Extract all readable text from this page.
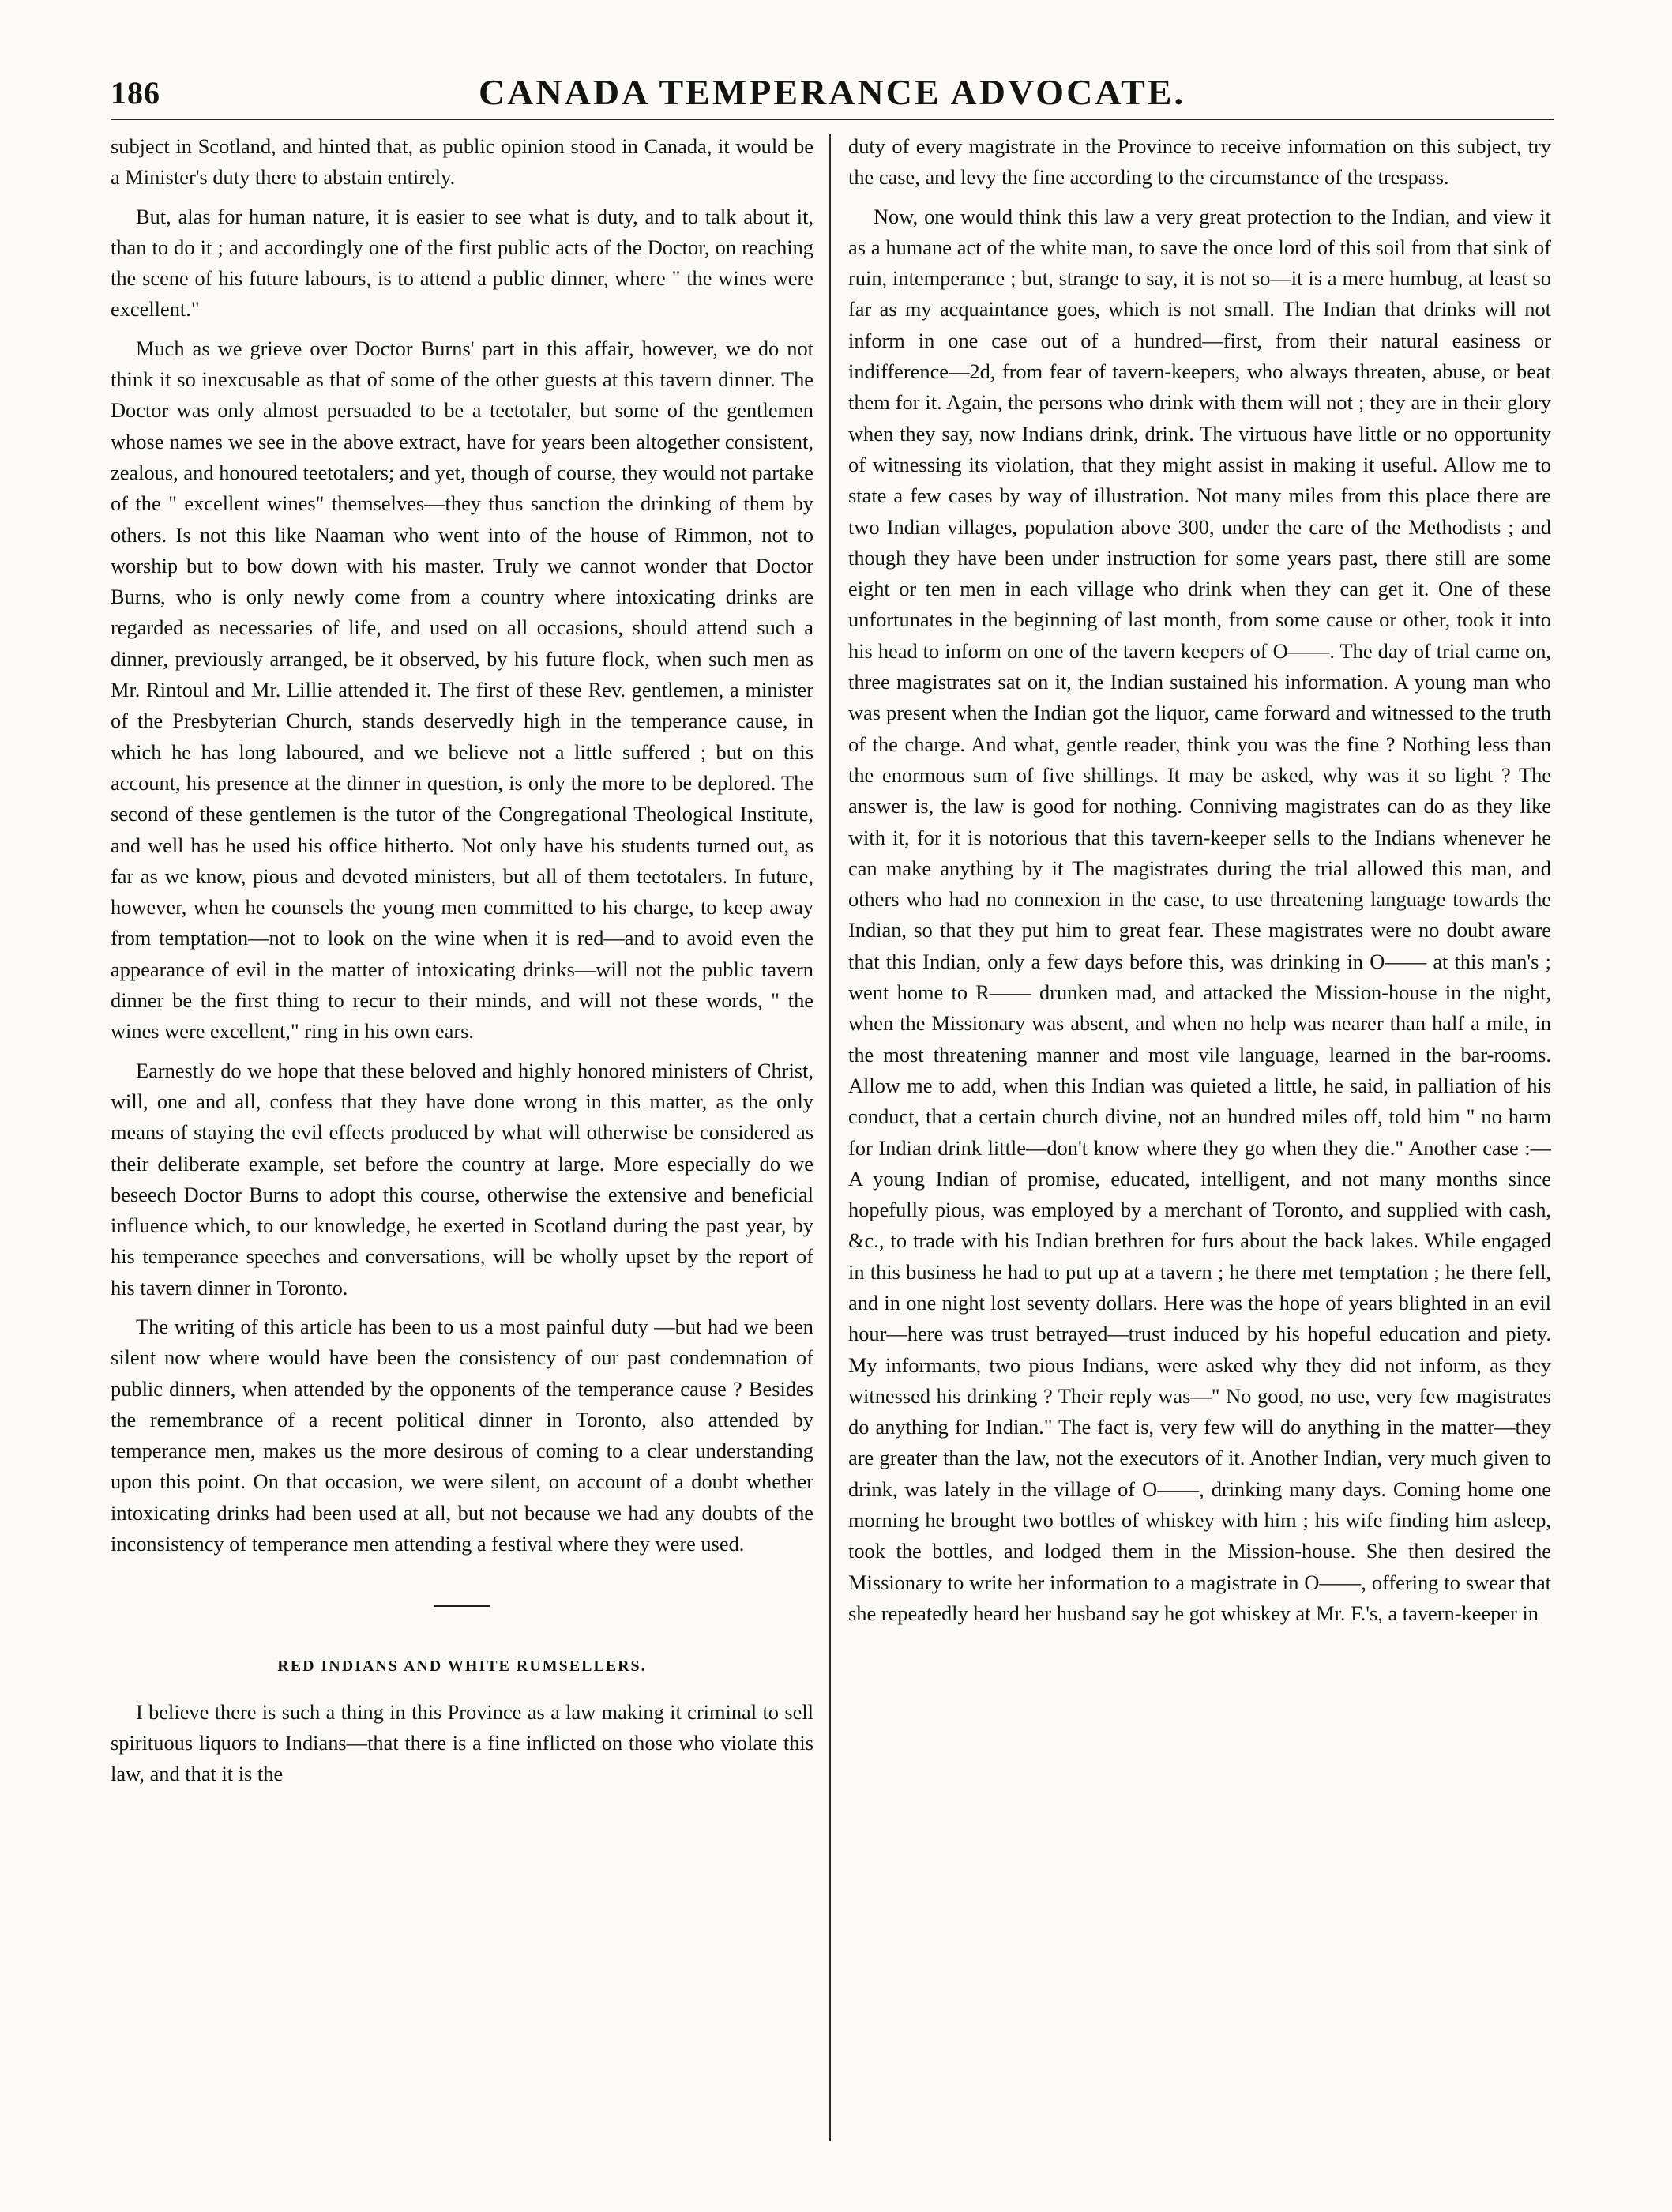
186	CANADA TEMPERANCE ADVOCATE.

subject in Scotland, and hinted that, as public opinion stood in Canada, it would be a Minister's duty there to abstain entirely.

But, alas for human nature, it is easier to see what is duty, and to talk about it, than to do it ; and accordingly one of the first public acts of the Doctor, on reaching the scene of his future labours, is to attend a public dinner, where " the wines were excellent."

Much as we grieve over Doctor Burns' part in this affair, however, we do not think it so inexcusable as that of some of the other guests at this tavern dinner. The Doctor was only almost persuaded to be a teetotaler, but some of the gentlemen whose names we see in the above extract, have for years been altogether consistent, zealous, and honoured teetotalers; and yet, though of course, they would not partake of the " excellent wines" themselves—they thus sanction the drinking of them by others. Is not this like Naaman who went into of the house of Rimmon, not to worship but to bow down with his master. Truly we cannot wonder that Doctor Burns, who is only newly come from a country where intoxicating drinks are regarded as necessaries of life, and used on all occasions, should attend such a dinner, previously arranged, be it observed, by his future flock, when such men as Mr. Rintoul and Mr. Lillie attended it. The first of these Rev. gentlemen, a minister of the Presbyterian Church, stands deservedly high in the temperance cause, in which he has long laboured, and we believe not a little suffered ; but on this account, his presence at the dinner in question, is only the more to be deplored. The second of these gentlemen is the tutor of the Congregational Theological Institute, and well has he used his office hitherto. Not only have his students turned out, as far as we know, pious and devoted ministers, but all of them teetotalers. In future, however, when he counsels the young men committed to his charge, to keep away from temptation—not to look on the wine when it is red—and to avoid even the appearance of evil in the matter of intoxicating drinks—will not the public tavern dinner be the first thing to recur to their minds, and will not these words, " the wines were excellent," ring in his own ears.

Earnestly do we hope that these beloved and highly honored ministers of Christ, will, one and all, confess that they have done wrong in this matter, as the only means of staying the evil effects produced by what will otherwise be considered as their deliberate example, set before the country at large. More especially do we beseech Doctor Burns to adopt this course, otherwise the extensive and beneficial influence which, to our knowledge, he exerted in Scotland during the past year, by his temperance speeches and conversations, will be wholly upset by the report of his tavern dinner in Toronto.

The writing of this article has been to us a most painful duty —but had we been silent now where would have been the consistency of our past condemnation of public dinners, when attended by the opponents of the temperance cause ? Besides the remembrance of a recent political dinner in Toronto, also attended by temperance men, makes us the more desirous of coming to a clear understanding upon this point. On that occasion, we were silent, on account of a doubt whether intoxicating drinks had been used at all, but not because we had any doubts of the inconsistency of temperance men attending a festival where they were used.

RED INDIANS AND WHITE RUMSELLERS.

I believe there is such a thing in this Province as a law making it criminal to sell spirituous liquors to Indians—that there is a fine inflicted on those who violate this law, and that it is the

duty of every magistrate in the Province to receive information on this subject, try the case, and levy the fine according to the circumstance of the trespass.

Now, one would think this law a very great protection to the Indian, and view it as a humane act of the white man, to save the once lord of this soil from that sink of ruin, intemperance ; but, strange to say, it is not so—it is a mere humbug, at least so far as my acquaintance goes, which is not small. The Indian that drinks will not inform in one case out of a hundred—first, from their natural easiness or indifference—2d, from fear of tavern-keepers, who always threaten, abuse, or beat them for it. Again, the persons who drink with them will not ; they are in their glory when they say, now Indians drink, drink. The virtuous have little or no opportunity of witnessing its violation, that they might assist in making it useful. Allow me to state a few cases by way of illustration. Not many miles from this place there are two Indian villages, population above 300, under the care of the Methodists ; and though they have been under instruction for some years past, there still are some eight or ten men in each village who drink when they can get it. One of these unfortunates in the beginning of last month, from some cause or other, took it into his head to inform on one of the tavern keepers of O——. The day of trial came on, three magistrates sat on it, the Indian sustained his information. A young man who was present when the Indian got the liquor, came forward and witnessed to the truth of the charge. And what, gentle reader, think you was the fine ? Nothing less than the enormous sum of five shillings. It may be asked, why was it so light ? The answer is, the law is good for nothing. Conniving magistrates can do as they like with it, for it is notorious that this tavern-keeper sells to the Indians whenever he can make anything by it The magistrates during the trial allowed this man, and others who had no connexion in the case, to use threatening language towards the Indian, so that they put him to great fear. These magistrates were no doubt aware that this Indian, only a few days before this, was drinking in O—— at this man's ; went home to R—— drunken mad, and attacked the Mission-house in the night, when the Missionary was absent, and when no help was nearer than half a mile, in the most threatening manner and most vile language, learned in the bar-rooms. Allow me to add, when this Indian was quieted a little, he said, in palliation of his conduct, that a certain church divine, not an hundred miles off, told him " no harm for Indian drink little—don't know where they go when they die." Another case :—A young Indian of promise, educated, intelligent, and not many months since hopefully pious, was employed by a merchant of Toronto, and supplied with cash, &c., to trade with his Indian brethren for furs about the back lakes. While engaged in this business he had to put up at a tavern ; he there met temptation ; he there fell, and in one night lost seventy dollars. Here was the hope of years blighted in an evil hour—here was trust betrayed—trust induced by his hopeful education and piety. My informants, two pious Indians, were asked why they did not inform, as they witnessed his drinking ? Their reply was—" No good, no use, very few magistrates do anything for Indian." The fact is, very few will do anything in the matter—they are greater than the law, not the executors of it. Another Indian, very much given to drink, was lately in the village of O——, drinking many days. Coming home one morning he brought two bottles of whiskey with him ; his wife finding him asleep, took the bottles, and lodged them in the Mission-house. She then desired the Missionary to write her information to a magistrate in O——, offering to swear that she repeatedly heard her husband say he got whiskey at Mr. F.'s, a tavern-keeper in
